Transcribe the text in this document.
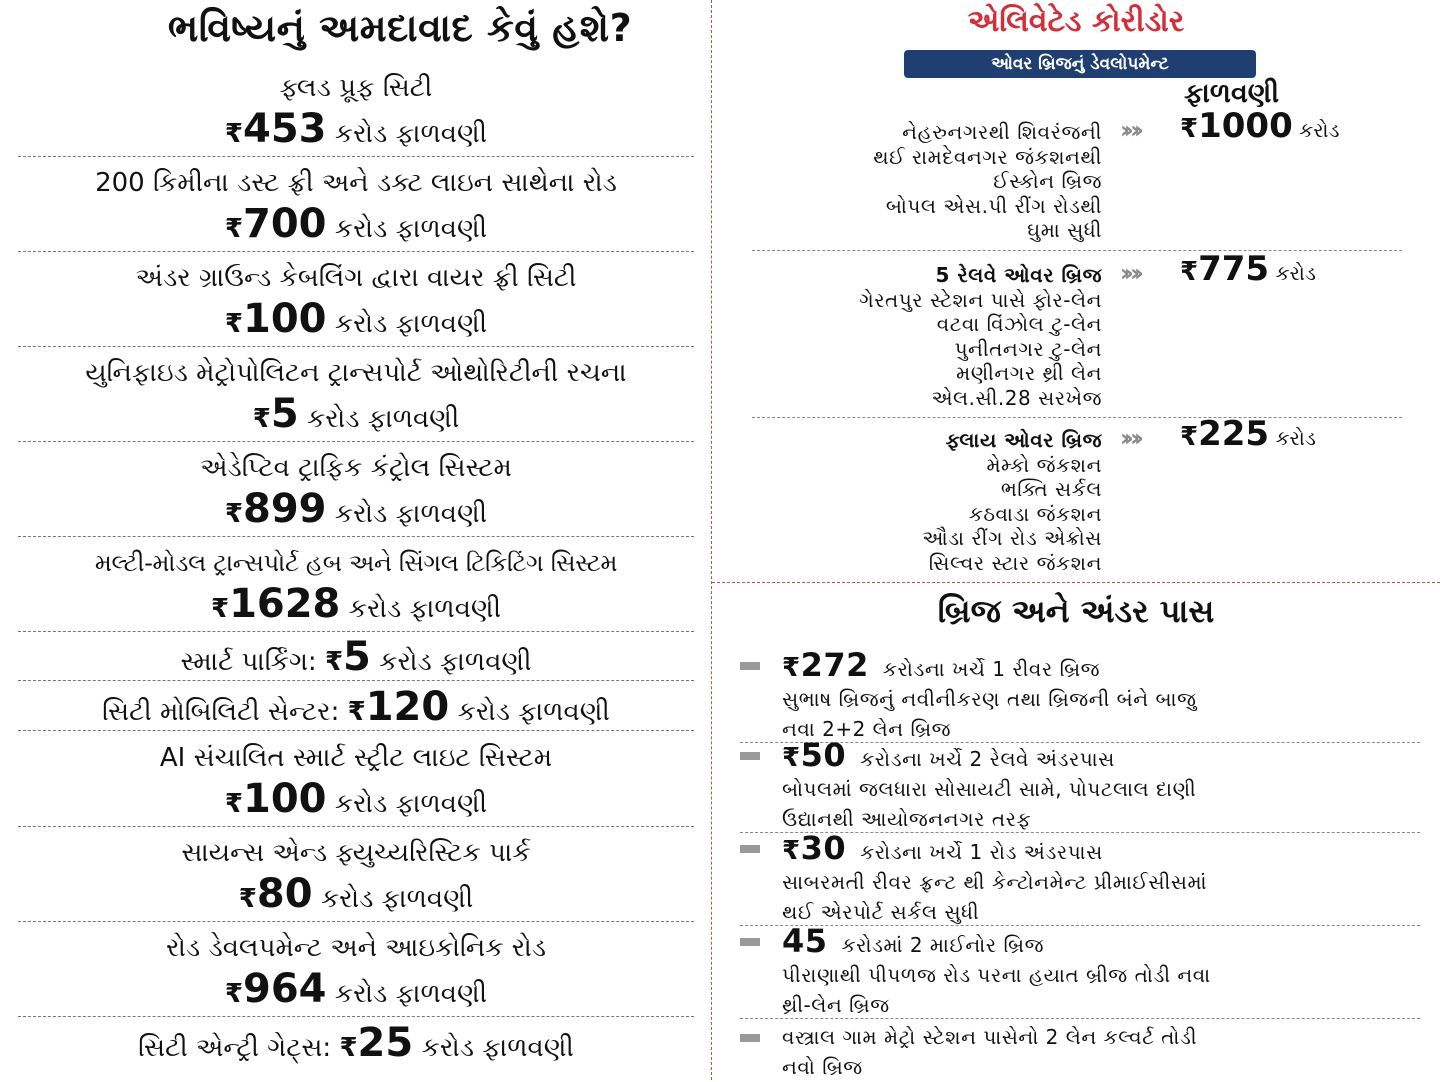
ભવિષ્યનું અમદાવાદ કેવું હશે?
ફ્લડ પ્રૂફ સિટી
₹453 કરોડ ફાળવણી
200 કિમીના ડસ્ટ ફ્રી અને ડક્ટ લાઇન સાથેના રોડ
₹700 કરોડ ફાળવણી
અંડર ગ્રાઉન્ડ કેબલિંગ દ્વારા વાયર ફ્રી સિટી
₹100 કરોડ ફાળવણી
યુનિફાઇડ મેટ્રોપોલિટન ટ્રાન્સપોર્ટ ઓથોરિટીની રચના
₹5 કરોડ ફાળવણી
એડેપ્ટિવ ટ્રાફિક કંટ્રોલ સિસ્ટમ
₹899 કરોડ ફાળવણી
મલ્ટી-મોડલ ટ્રાન્સપોર્ટ હબ અને સિંગલ ટિકિટિંગ સિસ્ટમ
₹1628 કરોડ ફાળવણી
સ્માર્ટ પાર્કિંગ: ₹5 કરોડ ફાળવણી
સિટી મોબિલિટી સેન્ટર: ₹120 કરોડ ફાળવણી
AI સંચાલિત સ્માર્ટ સ્ટ્રીટ લાઇટ સિસ્ટમ
₹100 કરોડ ફાળવણી
સાયન્સ એન્ડ ફ્યુચ્યરિસ્ટિક પાર્ક
₹80 કરોડ ફાળવણી
રોડ ડેવલપમેન્ટ અને આઇકોનિક રોડ
₹964 કરોડ ફાળવણી
સિટી એન્ટ્રી ગેટ્સ: ₹25 કરોડ ફાળવણી
એલિવેટેડ કોરીડોર
ઓવર બ્રિજનું ડેવલોપમેન્ટ
ફાળવણી
નેહરુનગરથી શિવરંજની
થઈ રામદેવનગર જંકશનથી
ઈસ્કોન બ્રિજ
બોપલ એસ.પી રીંગ રોડથી
ઘુમા સુધી
›› ›› ₹1000 કરોડ
5 રેલવે ઓવર બ્રિજ
ગેરતપુર સ્ટેશન પાસે ફોર-લેન
વટવા વિંઝોલ ટુ-લેન
પુનીતનગર ટુ-લેન
મણીનગર થ્રી લેન
એલ.સી.28 સરખેજ
›› ›› ₹775 કરોડ
ફ્લાય ઓવર બ્રિજ
મેમ્કો જંકશન
ભક્તિ સર્કલ
કઠવાડા જંકશન
ઔડા રીંગ રોડ એક્રોસ
સિલ્વર સ્ટાર જંકશન
›› ›› ₹225 કરોડ
બ્રિજ અને અંડર પાસ
₹272 કરોડના ખર્ચે 1 રીવર બ્રિજ
સુભાષ બ્રિજનું નવીનીકરણ તથા બ્રિજની બંને બાજુ
નવા 2+2 લેન બ્રિજ
₹50 કરોડના ખર્ચે 2 રેલવે અંડરપાસ
બોપલમાં જલધારા સોસાયટી સામે, પોપટલાલ દાણી
ઉદ્યાનથી આયોજનનગર તરફ
₹30 કરોડના ખર્ચે 1 રોડ અંડરપાસ
સાબરમતી રીવર ફ્રન્ટ થી કેન્ટોનમેન્ટ પ્રીમાઈસીસમાં
થઈ એરપોર્ટ સર્કલ સુધી
45 કરોડમાં 2 માઈનોર બ્રિજ
પીરાણાથી પીપળજ રોડ પરના હયાત બ્રીજ તોડી નવા
થ્રી-લેન બ્રિજ
વસ્ત્રાલ ગામ મેટ્રો સ્ટેશન પાસેનો 2 લેન કલ્વર્ટ તોડી
નવો બ્રિજ
